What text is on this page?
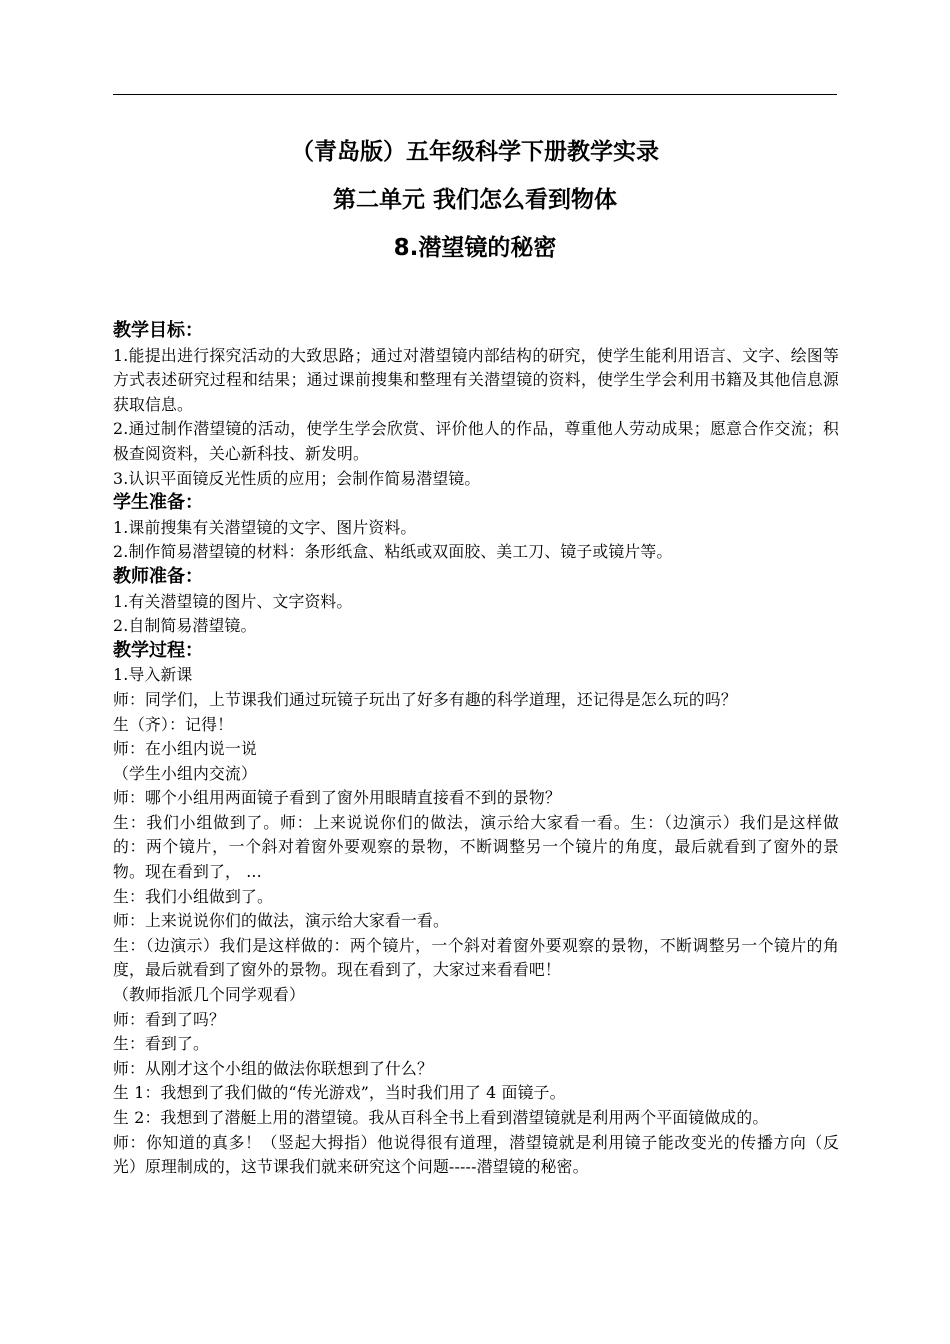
（青岛版）五年级科学下册教学实录

第二单元 我们怎么看到物体

8.潜望镜的秘密

教学目标：

1.能提出进行探究活动的大致思路；通过对潜望镜内部结构的研究，使学生能利用语言、文字、绘图等方式表述研究过程和结果；通过课前搜集和整理有关潜望镜的资料，使学生学会利用书籍及其他信息源获取信息。

2.通过制作潜望镜的活动，使学生学会欣赏、评价他人的作品，尊重他人劳动成果；愿意合作交流；积极查阅资料，关心新科技、新发明。

3.认识平面镜反光性质的应用；会制作简易潜望镜。

学生准备：

1.课前搜集有关潜望镜的文字、图片资料。

2.制作简易潜望镜的材料：条形纸盒、粘纸或双面胶、美工刀、镜子或镜片等。

教师准备：

1.有关潜望镜的图片、文字资料。

2.自制简易潜望镜。

教学过程：

1.导入新课

师：同学们，上节课我们通过玩镜子玩出了好多有趣的科学道理，还记得是怎么玩的吗？

生（齐）：记得！

师：在小组内说一说

（学生小组内交流）

师：哪个小组用两面镜子看到了窗外用眼睛直接看不到的景物？

生：我们小组做到了。师：上来说说你们的做法，演示给大家看一看。生：（边演示）我们是这样做的：两个镜片，一个斜对着窗外要观察的景物，不断调整另一个镜片的角度，最后就看到了窗外的景物。现在看到了， ...

生：我们小组做到了。

师：上来说说你们的做法，演示给大家看一看。

生：（边演示）我们是这样做的：两个镜片，一个斜对着窗外要观察的景物，不断调整另一个镜片的角度，最后就看到了窗外的景物。现在看到了，大家过来看看吧！

（教师指派几个同学观看）

师：看到了吗？

生：看到了。

师：从刚才这个小组的做法你联想到了什么？

生 1：我想到了我们做的“传光游戏”，当时我们用了 4 面镜子。

生 2：我想到了潜艇上用的潜望镜。我从百科全书上看到潜望镜就是利用两个平面镜做成的。

师：你知道的真多！（竖起大拇指）他说得很有道理，潜望镜就是利用镜子能改变光的传播方向（反光）原理制成的，这节课我们就来研究这个问题-----潜望镜的秘密。
